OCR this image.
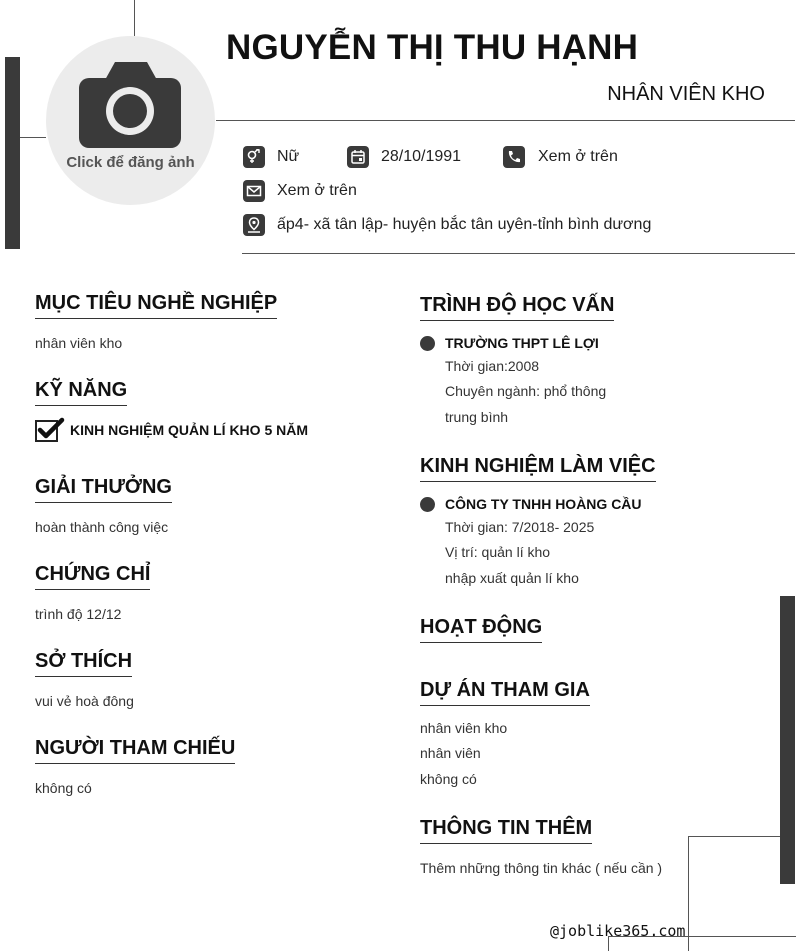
Click để đăng ảnh
NGUYỄN THỊ THU HẠNH
NHÂN VIÊN KHO
Nữ	28/10/1991	Xem ở trên
Xem ở trên
ấp4- xã tân lập- huyện bắc tân uyên-tỉnh bình dương
MỤC TIÊU NGHỀ NGHIỆP
nhân viên kho
KỸ NĂNG
KINH NGHIỆM QUẢN LÍ KHO 5 NĂM
GIẢI THƯỞNG
hoàn thành công việc
CHỨNG CHỈ
trình độ 12/12
SỞ THÍCH
vui vẻ hoà đông
NGƯỜI THAM CHIẾU
không có
TRÌNH ĐỘ HỌC VẤN
TRƯỜNG THPT LÊ LỢI
Thời gian:2008
Chuyên ngành: phổ thông
trung bình
KINH NGHIỆM LÀM VIỆC
CÔNG TY TNHH HOÀNG CẦU
Thời gian: 7/2018- 2025
Vị trí: quản lí kho
nhập xuất quản lí kho
HOẠT ĐỘNG
DỰ ÁN THAM GIA
nhân viên kho
nhân viên
không có
THÔNG TIN THÊM
Thêm những thông tin khác ( nếu cần )
@joblike365.com
